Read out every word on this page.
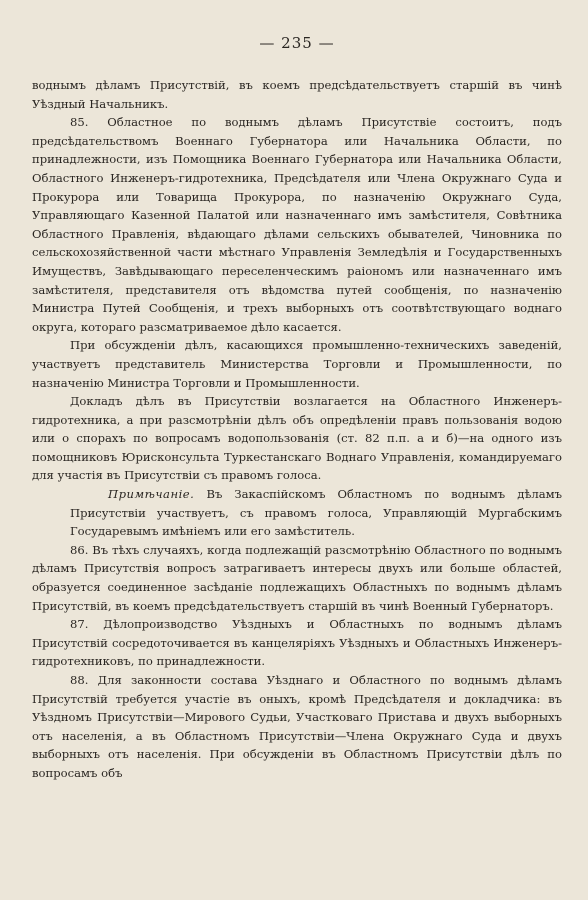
— 235 —

воднымъ дѣламъ Присутствій, въ коемъ предсѣдательствуетъ старшій въ чинѣ Уѣздный Начальникъ.

85. Областное по воднымъ дѣламъ Присутствіе состоитъ, подъ предсѣдательствомъ Военнаго Губернатора или Начальника Области, по принадлежности, изъ Помощника Военнаго Губернатора или Начальника Области, Областного Инженеръ-гидротехника, Предсѣдателя или Члена Окружнаго Суда и Прокурора или Товарища Прокурора, по назначенію Окружнаго Суда, Управляющаго Казенной Палатой или назначеннаго имъ замѣстителя, Совѣтника Областного Правленія, вѣдающаго дѣлами сельскихъ обывателей, Чиновника по сельскохозяйственной части мѣстнаго Управленія Земледѣлія и Государственныхъ Имуществъ, Завѣдывающаго переселенческимъ раіономъ или назначеннаго имъ замѣстителя, представителя отъ вѣдомства путей сообщенія, по назначенію Министра Путей Сообщенія, и трехъ выборныхъ отъ соотвѣтствующаго воднаго округа, котораго разсматриваемое дѣло касается.

При обсужденіи дѣлъ, касающихся промышленно-техническихъ заведеній, участвуетъ представитель Министерства Торговли и Промышленности, по назначенію Министра Торговли и Промышленности.

Докладъ дѣлъ въ Присутствіи возлагается на Областного Инженеръ-гидротехника, а при разсмотрѣніи дѣлъ объ опредѣленіи правъ пользованія водою или о спорахъ по вопросамъ водопользованія (ст. 82 п.п. а и б)—на одного изъ помощниковъ Юрисконсульта Туркестанскаго Воднаго Управленія, командируемаго для участія въ Присутствіи съ правомъ голоса.

Примѣчаніе. Въ Закаспійскомъ Областномъ по воднымъ дѣламъ Присутствіи участвуетъ, съ правомъ голоса, Управляющій Мургабскимъ Государевымъ имѣніемъ или его замѣститель.

86. Въ тѣхъ случаяхъ, когда подлежащій разсмотрѣнію Областного по воднымъ дѣламъ Присутствія вопросъ затрагиваетъ интересы двухъ или больше областей, образуется соединенное засѣданіе подлежащихъ Областныхъ по воднымъ дѣламъ Присутствій, въ коемъ предсѣдательствуетъ старшій въ чинѣ Военный Губернаторъ.

87. Дѣлопроизводство Уѣздныхъ и Областныхъ по воднымъ дѣламъ Присутствій сосредоточивается въ канцеляріяхъ Уѣздныхъ и Областныхъ Инженеръ-гидротехниковъ, по принадлежности.

88. Для законности состава Уѣзднаго и Областного по воднымъ дѣламъ Присутствій требуется участіе въ оныхъ, кромѣ Предсѣдателя и докладчика: въ Уѣздномъ Присутствіи—Мирового Судьи, Участковаго Пристава и двухъ выборныхъ отъ населенія, а въ Областномъ Присутствіи—Члена Окружнаго Суда и двухъ выборныхъ отъ населенія. При обсужденіи въ Областномъ Присутствіи дѣлъ по вопросамъ объ
